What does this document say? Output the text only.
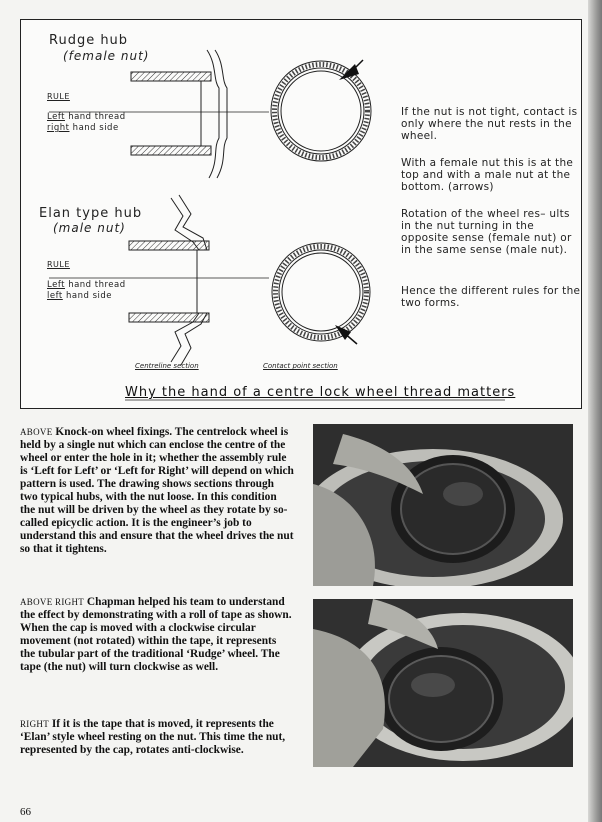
Rudge hub
(female nut)
RULE
Left hand thread
right hand side
Elan type hub
(male nut)
RULE
Left hand thread
left hand side
If the nut is not tight, contact is only where the nut rests in the wheel.
With a female nut this is at the top and with a male nut at the bottom. (arrows)
Rotation of the wheel res– ults in the nut turning in the opposite sense (female nut) or in the same sense (male nut).
Hence the different rules for the two forms.
Centreline section	Contact point section
Why the hand of a centre lock wheel thread matters
ABOVE Knock-on wheel fixings. The centrelock wheel is held by a single nut which can enclose the centre of the wheel or enter the hole in it; whether the assembly rule is ‘Left for Left’ or ‘Left for Right’ will depend on which pattern is used. The drawing shows sections through two typical hubs, with the nut loose. In this condition the nut will be driven by the wheel as they rotate by so-called epicyclic action. It is the engineer’s job to understand this and ensure that the wheel drives the nut so that it tightens.
ABOVE RIGHT Chapman helped his team to understand the effect by demonstrating with a roll of tape as shown. When the cap is moved with a clockwise circular movement (not rotated) within the tape, it represents the tubular part of the traditional ‘Rudge’ wheel. The tape (the nut) will turn clockwise as well.
RIGHT If it is the tape that is moved, it represents the ‘Elan’ style wheel resting on the nut. This time the nut, represented by the cap, rotates anti-clockwise.
66
